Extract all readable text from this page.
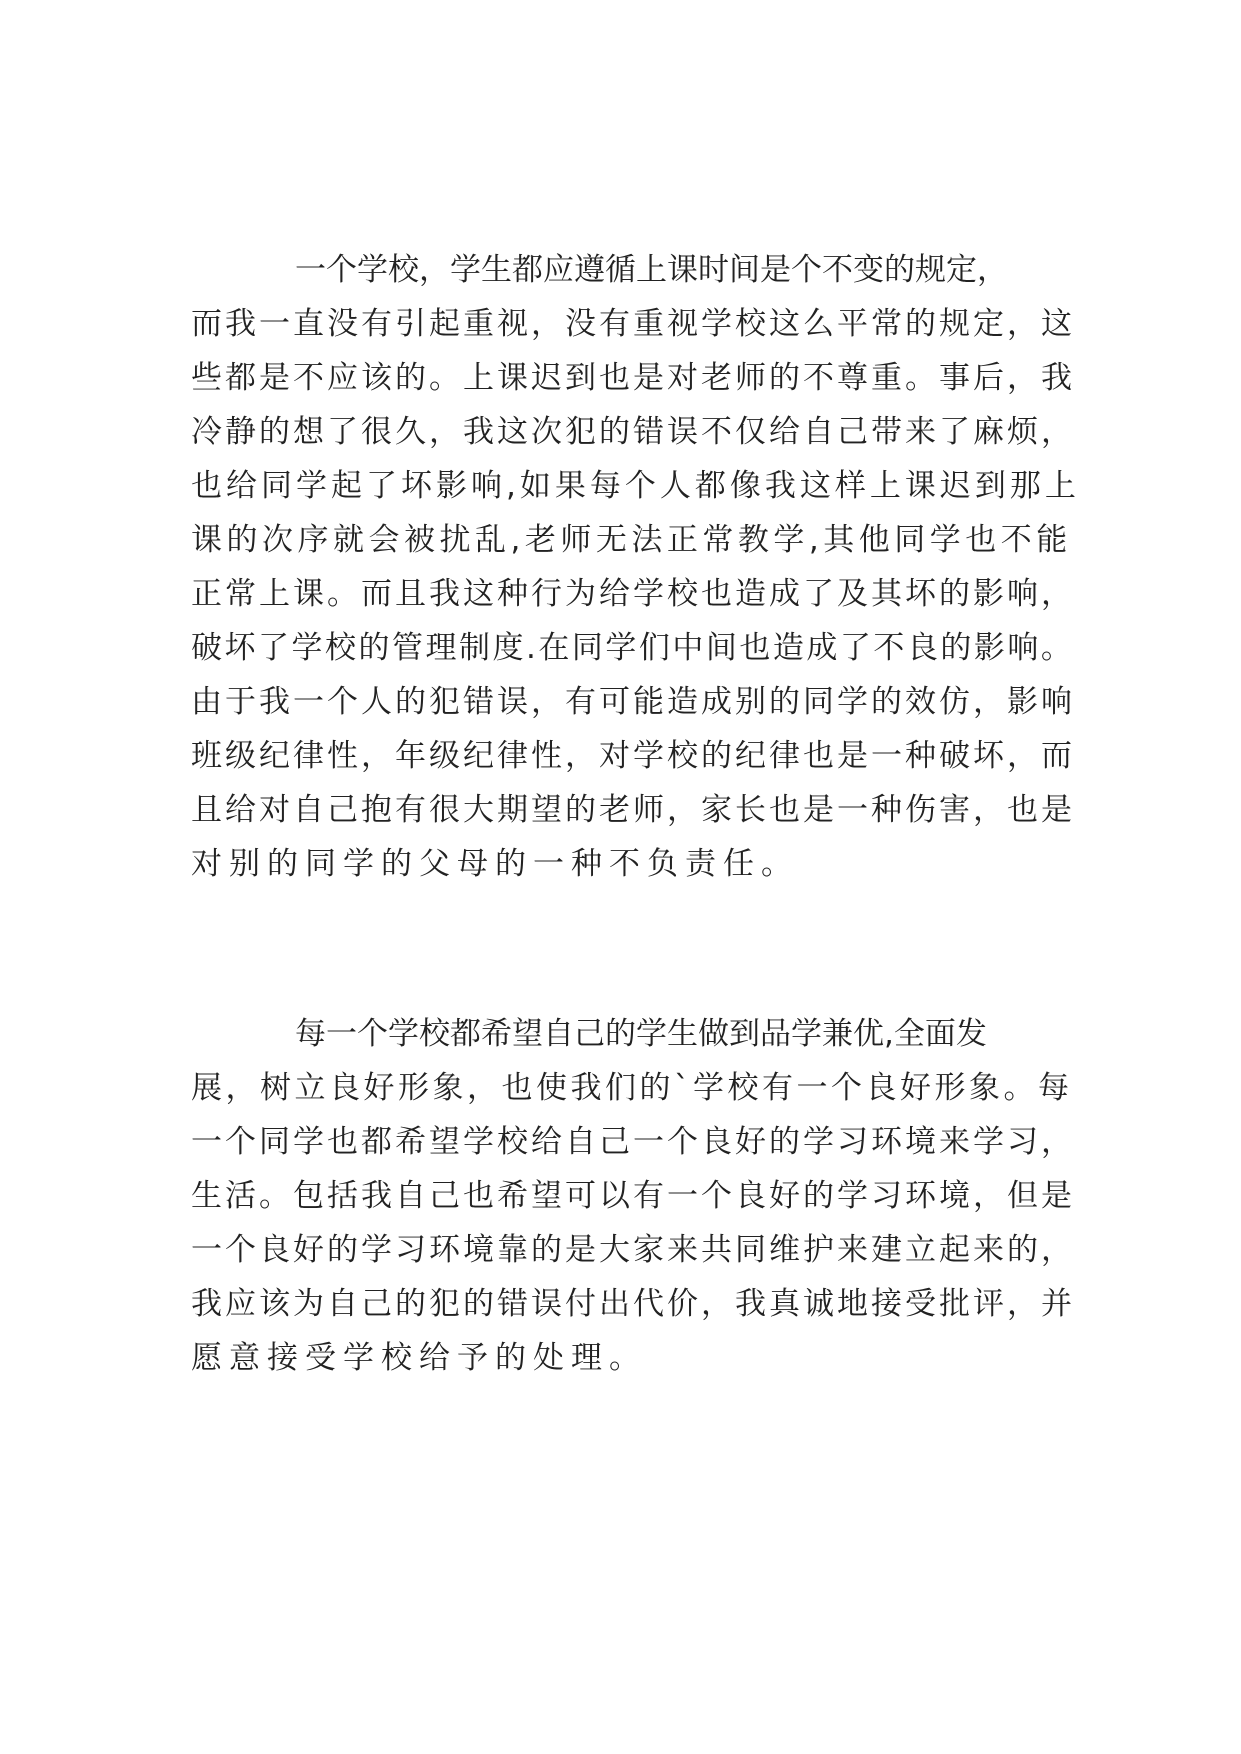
一个学校，学生都应遵循上课时间是个不变的规定，
而我一直没有引起重视，没有重视学校这么平常的规定，这
些都是不应该的。上课迟到也是对老师的不尊重。事后，我
冷静的想了很久，我这次犯的错误不仅给自己带来了麻烦，
也给同学起了坏影响,如果每个人都像我这样上课迟到那上
课的次序就会被扰乱,老师无法正常教学,其他同学也不能
正常上课。而且我这种行为给学校也造成了及其坏的影响，
破坏了学校的管理制度.在同学们中间也造成了不良的影响。
由于我一个人的犯错误，有可能造成别的同学的效仿，影响
班级纪律性，年级纪律性，对学校的纪律也是一种破坏，而
且给对自己抱有很大期望的老师，家长也是一种伤害，也是
对别的同学的父母的一种不负责任。
每一个学校都希望自己的学生做到品学兼优,全面发
展，树立良好形象，也使我们的`学校有一个良好形象。每
一个同学也都希望学校给自己一个良好的学习环境来学习，
生活。包括我自己也希望可以有一个良好的学习环境，但是
一个良好的学习环境靠的是大家来共同维护来建立起来的，
我应该为自己的犯的错误付出代价，我真诚地接受批评，并
愿意接受学校给予的处理。
